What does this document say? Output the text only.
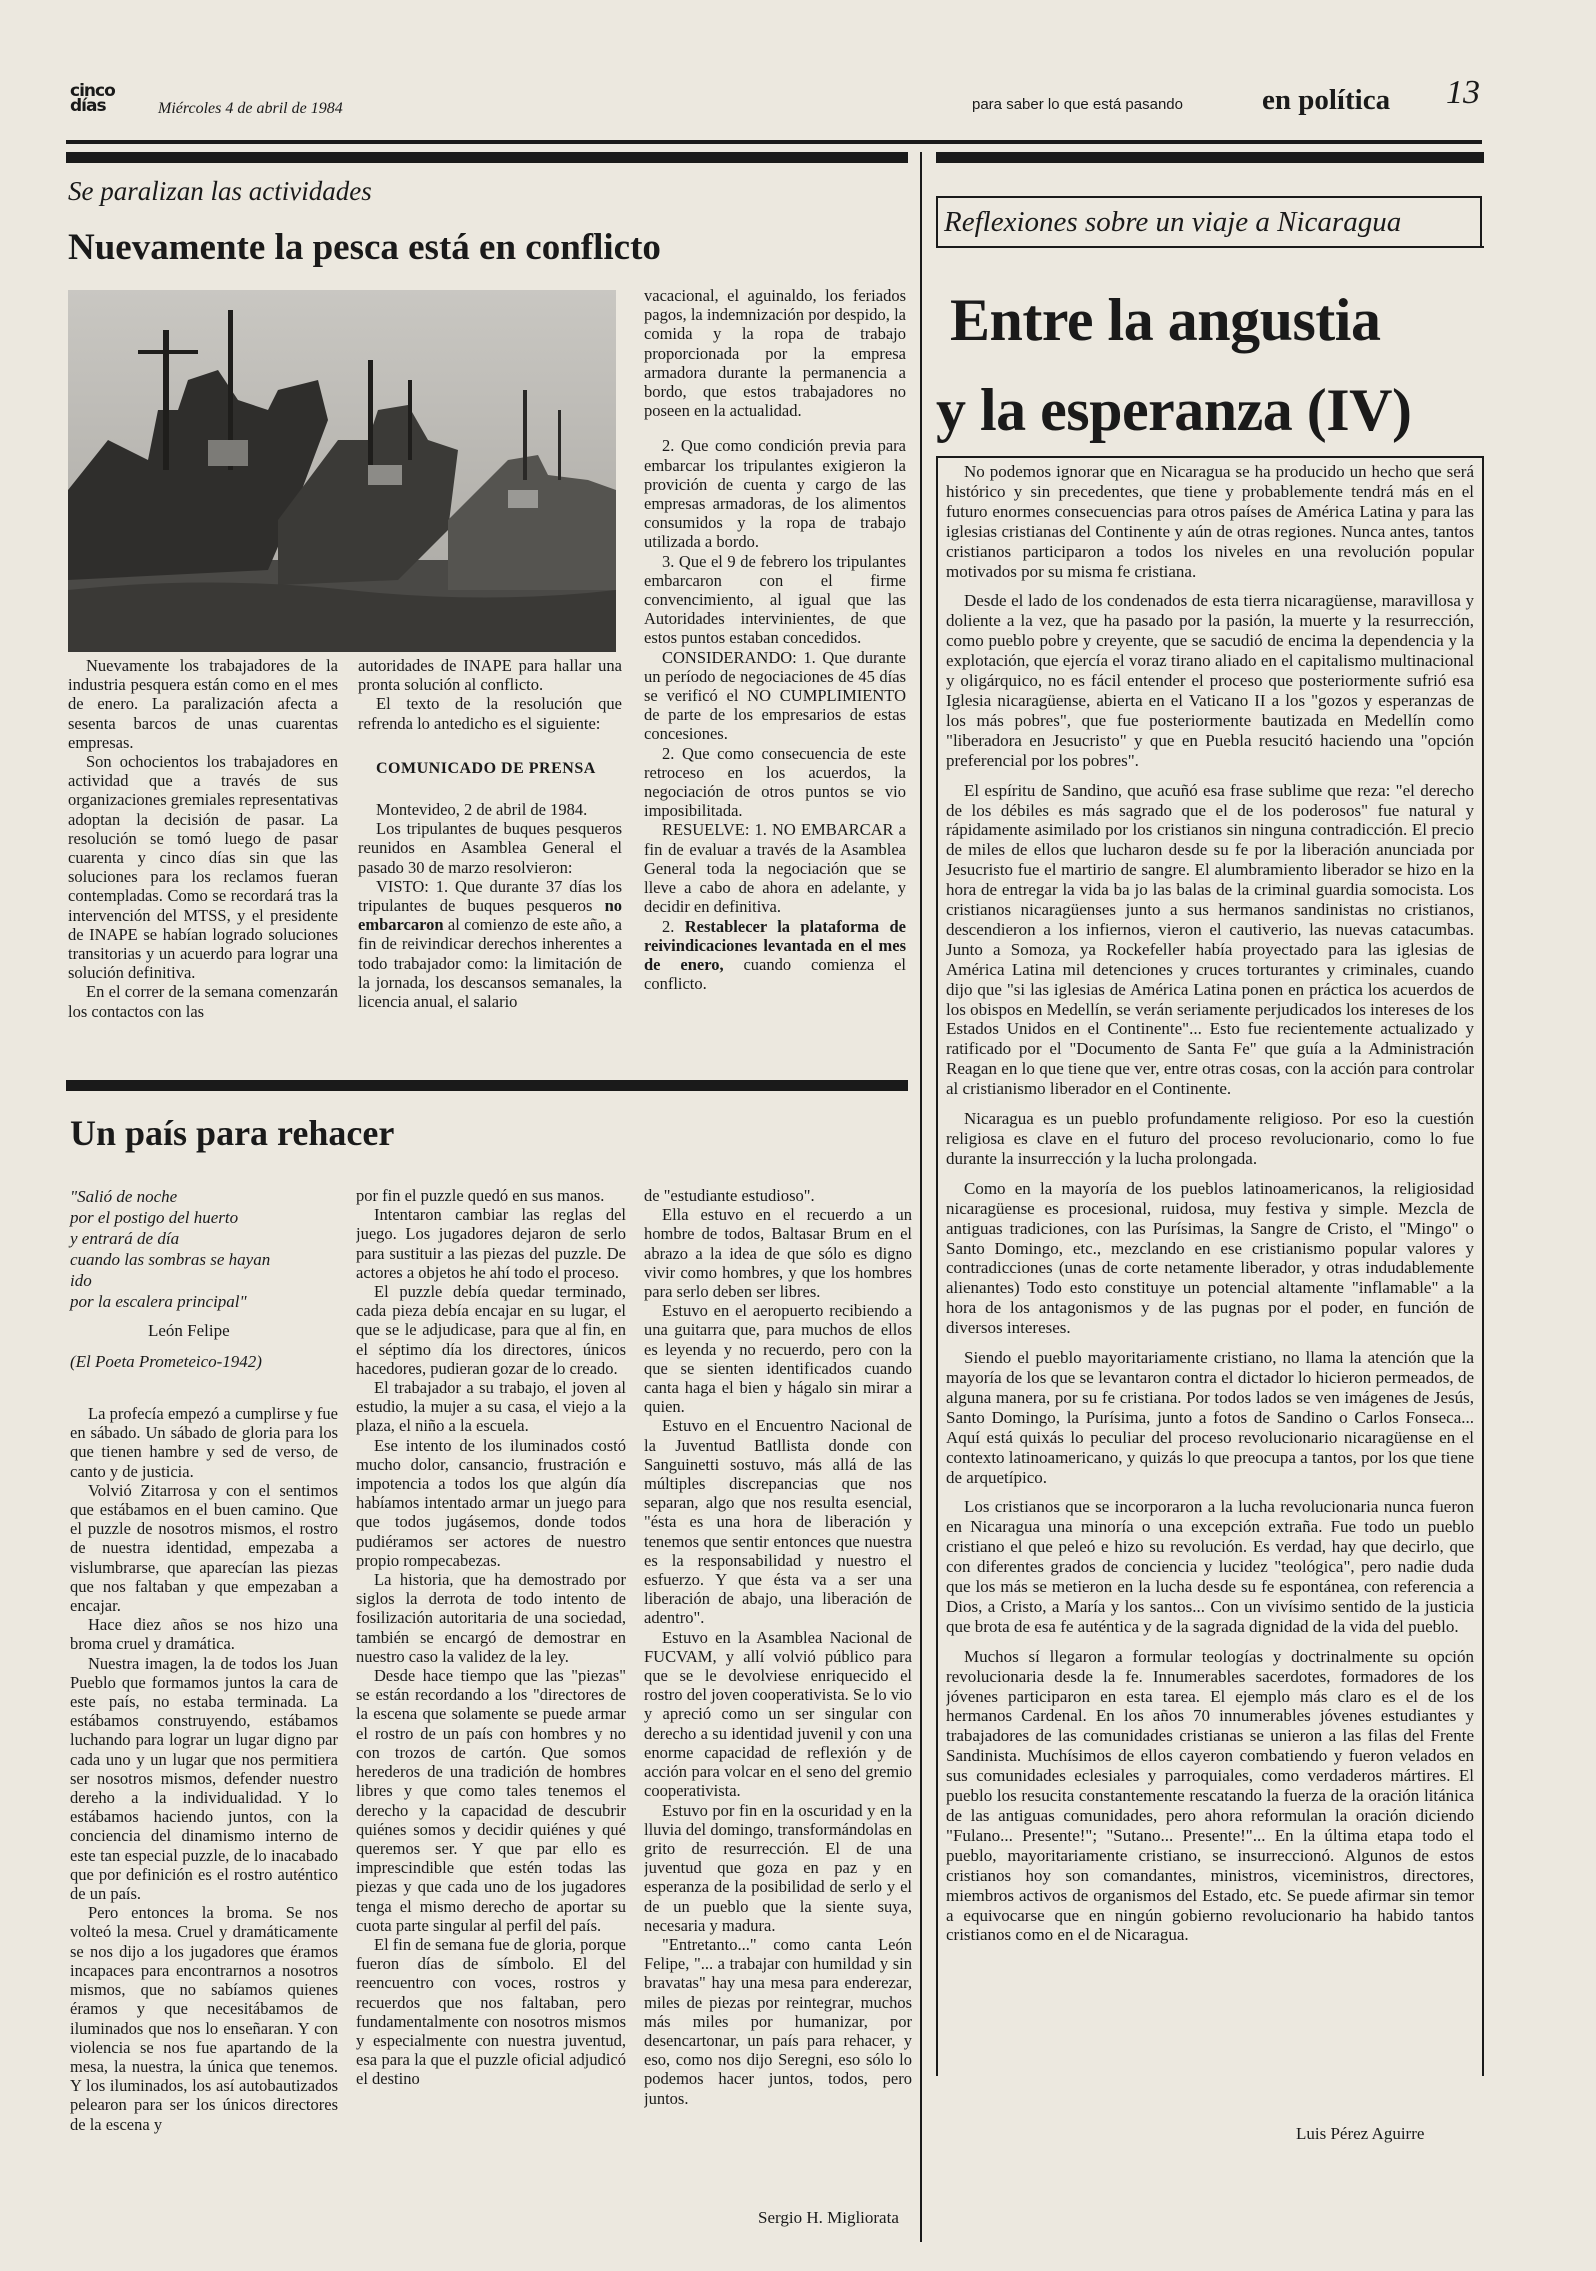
cinco días	Miércoles 4 de abril de 1984	para saber lo que está pasando	en política 13
Se paralizan las actividades
Nuevamente la pesca está en conflicto

Nuevamente los trabajadores de la industria pesquera están como en el mes de enero. La paralización afecta a sesenta barcos de unas cuarentas empresas.

Son ochocientos los trabajadores en actividad que a través de sus organizaciones gremiales representativas adoptan la decisión de pasar. La resolución se tomó luego de pasar cuarenta y cinco días sin que las soluciones para los reclamos fueran contempladas. Como se recordará tras la intervención del MTSS, y el presidente de INAPE se habían logrado soluciones transitorias y un acuerdo para lograr una solución definitiva.

En el correr de la semana comenzarán los contactos con las

autoridades de INAPE para hallar una pronta solución al conflicto.

El texto de la resolución que refrenda lo antedicho es el siguiente:

COMUNICADO DE PRENSA

Montevideo, 2 de abril de 1984.

Los tripulantes de buques pesqueros reunidos en Asamblea General el pasado 30 de marzo resolvieron:

VISTO: 1. Que durante 37 días los tripulantes de buques pesqueros no embarcaron al comienzo de este año, a fin de reivindicar derechos inherentes a todo trabajador como: la limitación de la jornada, los descansos semanales, la licencia anual, el salario

vacacional, el aguinaldo, los feriados pagos, la indemnización por despido, la comida y la ropa de trabajo proporcionada por la empresa armadora durante la permanencia a bordo, que estos trabajadores no poseen en la actualidad.

2. Que como condición previa para embarcar los tripulantes exigieron la provición de cuenta y cargo de las empresas armadoras, de los alimentos consumidos y la ropa de trabajo utilizada a bordo.

3. Que el 9 de febrero los tripulantes embarcaron con el firme convencimiento, al igual que las Autoridades intervinientes, de que estos puntos estaban concedidos.

CONSIDERANDO: 1. Que durante un período de negociaciones de 45 días se verificó el NO CUMPLIMIENTO de parte de los empresarios de estas concesiones.

2. Que como consecuencia de este retroceso en los acuerdos, la negociación de otros puntos se vio imposibilitada.

RESUELVE: 1. NO EMBARCAR a fin de evaluar a través de la Asamblea General toda la negociación que se lleve a cabo de ahora en adelante, y decidir en definitiva.

2. Restablecer la plataforma de reivindicaciones levantada en el mes de enero, cuando comienza el conflicto.

Un país para rehacer
"Salió de noche
por el postigo del huerto
y entrará de día
cuando las sombras se hayan
ido
por la escalera principal"
León Felipe
(El Poeta Prometeico-1942)

La profecía empezó a cumplirse y fue en sábado. Un sábado de gloria para los que tienen hambre y sed de verso, de canto y de justicia.

Volvió Zitarrosa y con el sentimos que estábamos en el buen camino. Que el puzzle de nosotros mismos, el rostro de nuestra identidad, empezaba a vislumbrarse, que aparecían las piezas que nos faltaban y que empezaban a encajar.

Hace diez años se nos hizo una broma cruel y dramática.

Nuestra imagen, la de todos los Juan Pueblo que formamos juntos la cara de este país, no estaba terminada. La estábamos construyendo, estábamos luchando para lograr un lugar digno par cada uno y un lugar que nos permitiera ser nosotros mismos, defender nuestro dereho a la individualidad. Y lo estábamos haciendo juntos, con la conciencia del dinamismo interno de este tan especial puzzle, de lo inacabado que por definición es el rostro auténtico de un país.

Pero entonces la broma. Se nos volteó la mesa. Cruel y dramáticamente se nos dijo a los jugadores que éramos incapaces para encontrarnos a nosotros mismos, que no sabíamos quienes éramos y que necesitábamos de iluminados que nos lo enseñaran. Y con violencia se nos fue apartando de la mesa, la nuestra, la única que tenemos. Y los iluminados, los así autobautizados pelearon para ser los únicos directores de la escena y

por fin el puzzle quedó en sus manos.

Intentaron cambiar las reglas del juego. Los jugadores dejaron de serlo para sustituir a las piezas del puzzle. De actores a objetos he ahí todo el proceso.

El puzzle debía quedar terminado, cada pieza debía encajar en su lugar, el que se le adjudicase, para que al fin, en el séptimo día los directores, únicos hacedores, pudieran gozar de lo creado.

El trabajador a su trabajo, el joven al estudio, la mujer a su casa, el viejo a la plaza, el niño a la escuela.

Ese intento de los iluminados costó mucho dolor, cansancio, frustración e impotencia a todos los que algún día habíamos intentado armar un juego para que todos jugásemos, donde todos pudiéramos ser actores de nuestro propio rompecabezas.

La historia, que ha demostrado por siglos la derrota de todo intento de fosilización autoritaria de una sociedad, también se encargó de demostrar en nuestro caso la validez de la ley.

Desde hace tiempo que las "piezas" se están recordando a los "directores de la escena que solamente se puede armar el rostro de un país con hombres y no con trozos de cartón. Que somos herederos de una tradición de hombres libres y que como tales tenemos el derecho y la capacidad de descubrir quiénes somos y decidir quiénes y qué queremos ser. Y que par ello es imprescindible que estén todas las piezas y que cada uno de los jugadores tenga el mismo derecho de aportar su cuota parte singular al perfil del país.

El fin de semana fue de gloria, porque fueron días de símbolo. El del reencuentro con voces, rostros y recuerdos que nos faltaban, pero fundamentalmente con nosotros mismos y especialmente con nuestra juventud, esa para la que el puzzle oficial adjudicó el destino

de "estudiante estudioso".

Ella estuvo en el recuerdo a un hombre de todos, Baltasar Brum en el abrazo a la idea de que sólo es digno vivir como hombres, y que los hombres para serlo deben ser libres.

Estuvo en el aeropuerto recibiendo a una guitarra que, para muchos de ellos es leyenda y no recuerdo, pero con la que se sienten identificados cuando canta haga el bien y hágalo sin mirar a quien.

Estuvo en el Encuentro Nacional de la Juventud Batllista donde con Sanguinetti sostuvo, más allá de las múltiples discrepancias que nos separan, algo que nos resulta esencial, "ésta es una hora de liberación y tenemos que sentir entonces que nuestra es la responsabilidad y nuestro el esfuerzo. Y que ésta va a ser una liberación de abajo, una liberación de adentro".

Estuvo en la Asamblea Nacional de FUCVAM, y allí volvió público para que se le devolviese enriquecido el rostro del joven cooperativista. Se lo vio y apreció como un ser singular con derecho a su identidad juvenil y con una enorme capacidad de reflexión y de acción para volcar en el seno del gremio cooperativista.

Estuvo por fin en la oscuridad y en la lluvia del domingo, transformándolas en grito de resurrección. El de una juventud que goza en paz y en esperanza de la posibilidad de serlo y el de un pueblo que la siente suya, necesaria y madura.

"Entretanto..." como canta León Felipe, "... a trabajar con humildad y sin bravatas" hay una mesa para enderezar, miles de piezas por reintegrar, muchos más miles por humanizar, por desencartonar, un país para rehacer, y eso, como nos dijo Seregni, eso sólo lo podemos hacer juntos, todos, pero juntos.

Sergio H. Migliorata
Reflexiones sobre un viaje a Nicaragua
Entre la angustia
y la esperanza (IV)

No podemos ignorar que en Nicaragua se ha producido un hecho que será histórico y sin precedentes, que tiene y probablemente tendrá más en el futuro enormes consecuencias para otros países de América Latina y para las iglesias cristianas del Continente y aún de otras regiones. Nunca antes, tantos cristianos participaron a todos los niveles en una revolución popular motivados por su misma fe cristiana.

Desde el lado de los condenados de esta tierra nicaragüense, maravillosa y doliente a la vez, que ha pasado por la pasión, la muerte y la resurrección, como pueblo pobre y creyente, que se sacudió de encima la dependencia y la explotación, que ejercía el voraz tirano aliado en el capitalismo multinacional y oligárquico, no es fácil entender el proceso que posteriormente sufrió esa Iglesia nicaragüense, abierta en el Vaticano II a los "gozos y esperanzas de los más pobres", que fue posteriormente bautizada en Medellín como "liberadora en Jesucristo" y que en Puebla resucitó haciendo una "opción preferencial por los pobres".

El espíritu de Sandino, que acuñó esa frase sublime que reza: "el derecho de los débiles es más sagrado que el de los poderosos" fue natural y rápidamente asimilado por los cristianos sin ninguna contradicción. El precio de miles de ellos que lucharon desde su fe por la liberación anunciada por Jesucristo fue el martirio de sangre. El alumbramiento liberador se hizo en la hora de entregar la vida ba jo las balas de la criminal guardia somocista. Los cristianos nicaragüenses junto a sus hermanos sandinistas no cristianos, descendieron a los infiernos, vieron el cautiverio, las nuevas catacumbas. Junto a Somoza, ya Rockefeller había proyectado para las iglesias de América Latina mil detenciones y cruces torturantes y criminales, cuando dijo que "si las iglesias de América Latina ponen en práctica los acuerdos de los obispos en Medellín, se verán seriamente perjudicados los intereses de los Estados Unidos en el Continente"... Esto fue recientemente actualizado y ratificado por el "Documento de Santa Fe" que guía a la Administración Reagan en lo que tiene que ver, entre otras cosas, con la acción para controlar al cristianismo liberador en el Continente.

Nicaragua es un pueblo profundamente religioso. Por eso la cuestión religiosa es clave en el futuro del proceso revolucionario, como lo fue durante la insurrección y la lucha prolongada.

Como en la mayoría de los pueblos latinoamericanos, la religiosidad nicaragüense es procesional, ruidosa, muy festiva y simple. Mezcla de antiguas tradiciones, con las Purísimas, la Sangre de Cristo, el "Mingo" o Santo Domingo, etc., mezclando en ese cristianismo popular valores y contradicciones (unas de corte netamente liberador, y otras indudablemente alienantes) Todo esto constituye un potencial altamente "inflamable" a la hora de los antagonismos y de las pugnas por el poder, en función de diversos intereses.

Siendo el pueblo mayoritariamente cristiano, no llama la atención que la mayoría de los que se levantaron contra el dictador lo hicieron permeados, de alguna manera, por su fe cristiana. Por todos lados se ven imágenes de Jesús, Santo Domingo, la Purísima, junto a fotos de Sandino o Carlos Fonseca... Aquí está quixás lo peculiar del proceso revolucionario nicaragüense en el contexto latinoamericano, y quizás lo que preocupa a tantos, por los que tiene de arquetípico.

Los cristianos que se incorporaron a la lucha revolucionaria nunca fueron en Nicaragua una minoría o una excepción extraña. Fue todo un pueblo cristiano el que peleó e hizo su revolución. Es verdad, hay que decirlo, que con diferentes grados de conciencia y lucidez "teológica", pero nadie duda que los más se metieron en la lucha desde su fe espontánea, con referencia a Dios, a Cristo, a María y los santos... Con un vivísimo sentido de la justicia que brota de esa fe auténtica y de la sagrada dignidad de la vida del pueblo.

Muchos sí llegaron a formular teologías y doctrinalmente su opción revolucionaria desde la fe. Innumerables sacerdotes, formadores de los jóvenes participaron en esta tarea. El ejemplo más claro es el de los hermanos Cardenal. En los años 70 innumerables jóvenes estudiantes y trabajadores de las comunidades cristianas se unieron a las filas del Frente Sandinista. Muchísimos de ellos cayeron combatiendo y fueron velados en sus comunidades eclesiales y parroquiales, como verdaderos mártires. El pueblo los resucita constantemente rescatando la fuerza de la oración litánica de las antiguas comunidades, pero ahora reformulan la oración diciendo "Fulano... Presente!"; "Sutano... Presente!"... En la última etapa todo el pueblo, mayoritariamente cristiano, se insurreccionó. Algunos de estos cristianos hoy son comandantes, ministros, viceministros, directores, miembros activos de organismos del Estado, etc. Se puede afirmar sin temor a equivocarse que en ningún gobierno revolucionario ha habido tantos cristianos como en el de Nicaragua.

Luis Pérez Aguirre
